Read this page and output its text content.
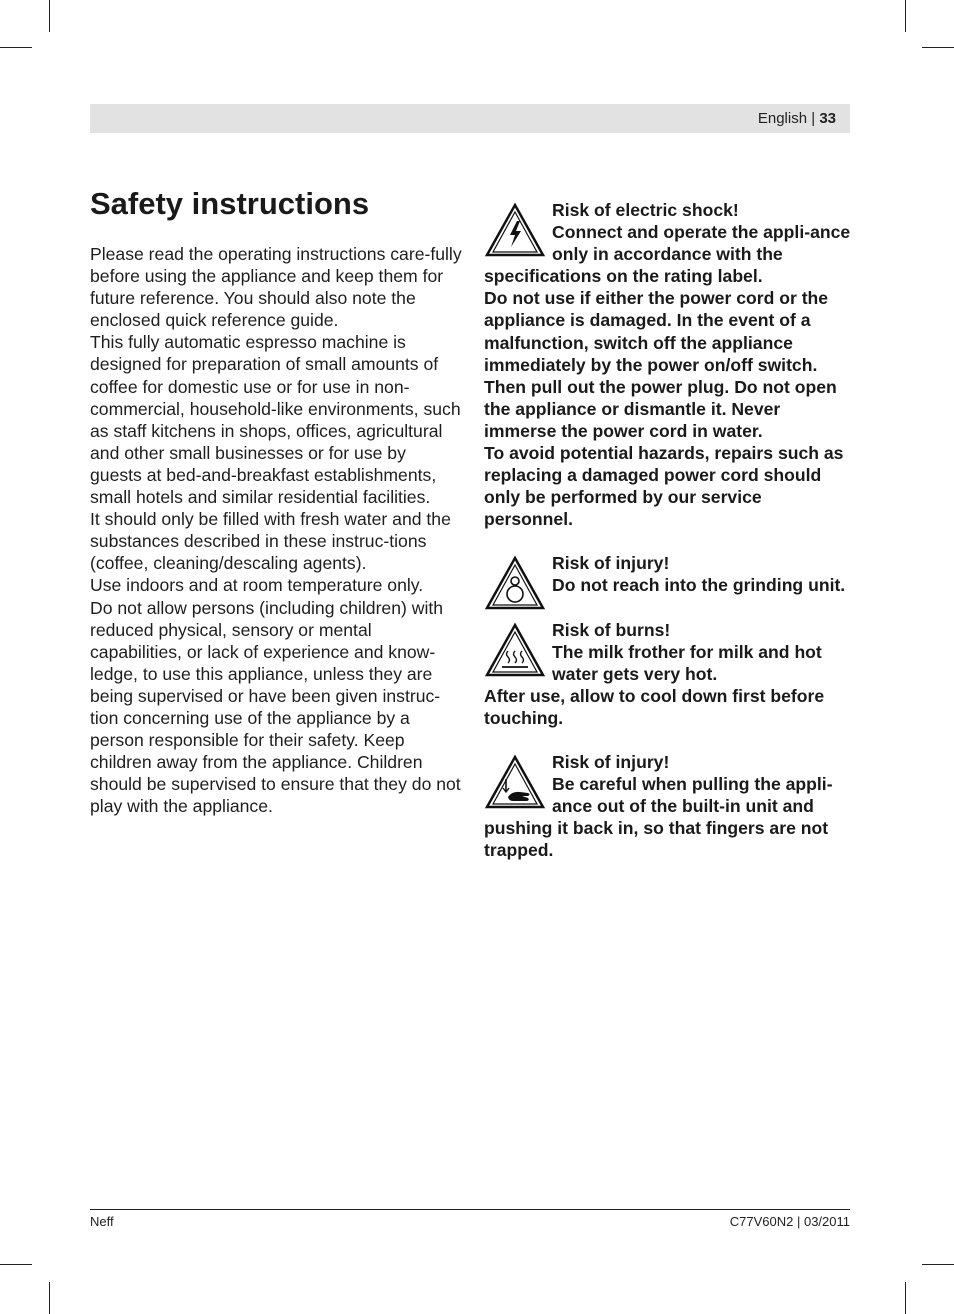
English | 33
Safety instructions

Please read the operating instructions care-fully before using the appliance and keep them for future reference. You should also note the enclosed quick reference guide.

This fully automatic espresso machine is designed for preparation of small amounts of coffee for domestic use or for use in non-commercial, household-like environments, such as staff kitchens in shops, offices, agricultural and other small businesses or for use by guests at bed-and-breakfast establishments, small hotels and similar residential facilities.

It should only be filled with fresh water and the substances described in these instruc-tions (coffee, cleaning/descaling agents).

Use indoors and at room temperature only.

Do not allow persons (including children) with reduced physical, sensory or mental capabilities, or lack of experience and know-ledge, to use this appliance, unless they are being supervised or have been given instruc-tion concerning use of the appliance by a person responsible for their safety. Keep children away from the appliance. Children should be supervised to ensure that they do not play with the appliance.

Risk of electric shock!

Connect and operate the appli-ance only in accordance with the specifications on the rating label.

Do not use if either the power cord or the appliance is damaged. In the event of a malfunction, switch off the appliance immediately by the power on/off switch. Then pull out the power plug. Do not open the appliance or dismantle it. Never immerse the power cord in water.

To avoid potential hazards, repairs such as replacing a damaged power cord should only be performed by our service personnel.

Risk of injury!

Do not reach into the grinding unit.

Risk of burns!

The milk frother for milk and hot water gets very hot.

After use, allow to cool down first before touching.

Risk of injury!

Be careful when pulling the appli-ance out of the built-in unit and pushing it back in, so that fingers are not trapped.

Neff	C77V60N2 | 03/2011
